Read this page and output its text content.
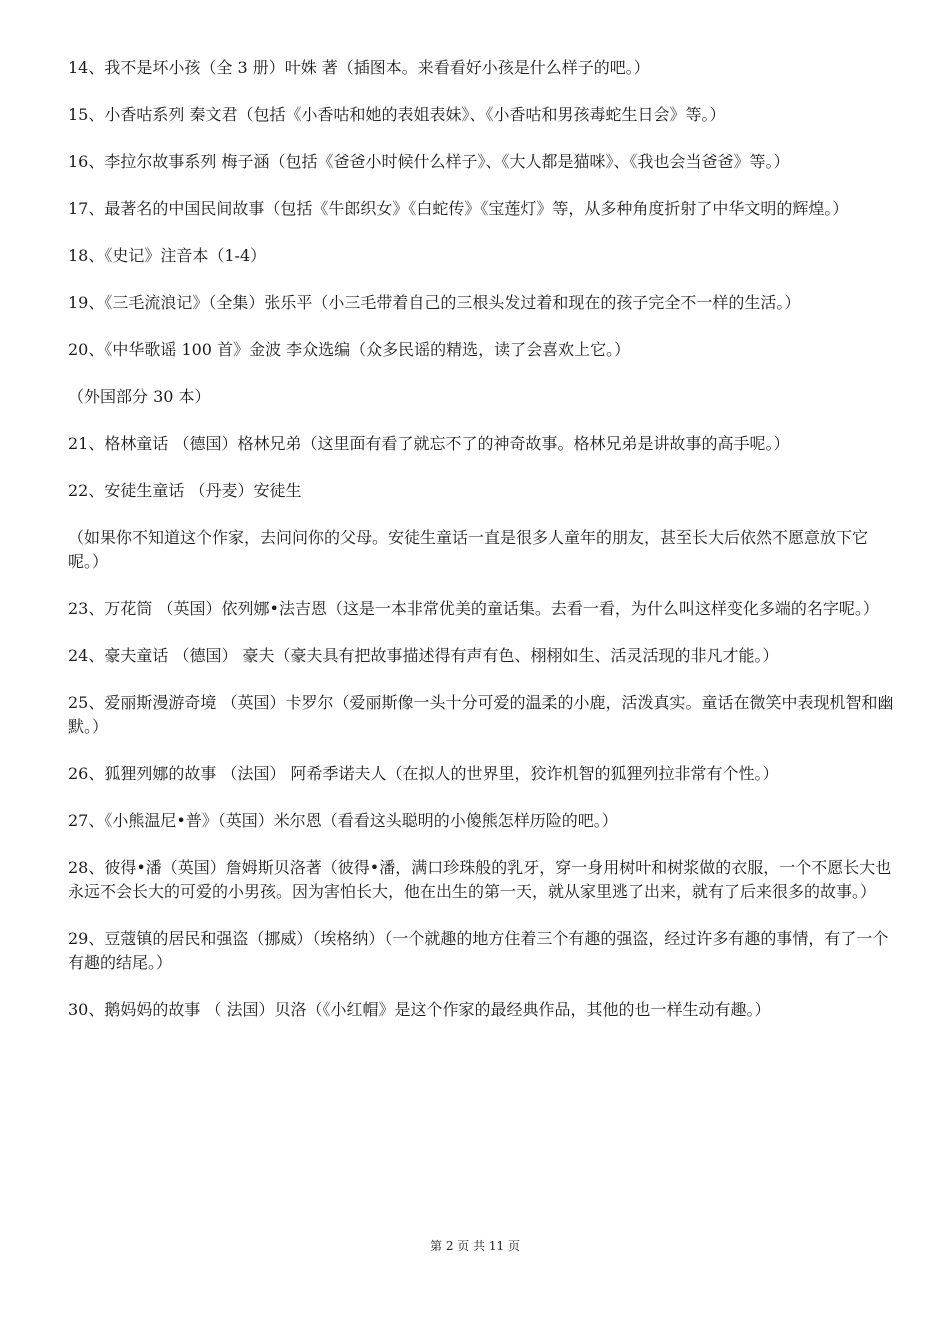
14、我不是坏小孩（全 3 册）叶姝 著（插图本。来看看好小孩是什么样子的吧。）

15、小香咕系列 秦文君（包括《小香咕和她的表姐表妹》、《小香咕和男孩毒蛇生日会》等。）

16、李拉尔故事系列 梅子涵（包括《爸爸小时候什么样子》、《大人都是猫咪》、《我也会当爸爸》等。）

17、最著名的中国民间故事（包括《牛郎织女》《白蛇传》《宝莲灯》等，从多种角度折射了中华文明的辉煌。）

18、《史记》注音本（1-4）

19、《三毛流浪记》（全集）张乐平（小三毛带着自己的三根头发过着和现在的孩子完全不一样的生活。）

20、《中华歌谣 100 首》金波 李众选编（众多民谣的精选，读了会喜欢上它。）

（外国部分 30 本）

21、格林童话 （德国）格林兄弟（这里面有看了就忘不了的神奇故事。格林兄弟是讲故事的高手呢。）

22、安徒生童话 （丹麦）安徒生

（如果你不知道这个作家，去问问你的父母。安徒生童话一直是很多人童年的朋友，甚至长大后依然不愿意放下它呢。）

23、万花筒 （英国）依列娜•法吉恩（这是一本非常优美的童话集。去看一看，为什么叫这样变化多端的名字呢。）

24、豪夫童话 （德国） 豪夫（豪夫具有把故事描述得有声有色、栩栩如生、活灵活现的非凡才能。）

25、爱丽斯漫游奇境 （英国）卡罗尔（爱丽斯像一头十分可爱的温柔的小鹿，活泼真实。童话在微笑中表现机智和幽默。）

26、狐狸列娜的故事 （法国） 阿希季诺夫人（在拟人的世界里，狡诈机智的狐狸列拉非常有个性。）

27、《小熊温尼•普》（英国）米尔恩（看看这头聪明的小傻熊怎样历险的吧。）

28、彼得•潘（英国）詹姆斯贝洛著（彼得•潘，满口珍珠般的乳牙，穿一身用树叶和树浆做的衣服，一个不愿长大也永远不会长大的可爱的小男孩。因为害怕长大，他在出生的第一天，就从家里逃了出来，就有了后来很多的故事。）

29、豆蔻镇的居民和强盗（挪威）（埃格纳）（一个就趣的地方住着三个有趣的强盗，经过许多有趣的事情，有了一个有趣的结尾。）

30、鹅妈妈的故事 （ 法国）贝洛（《小红帽》是这个作家的最经典作品，其他的也一样生动有趣。）

第 2 页 共 11 页
